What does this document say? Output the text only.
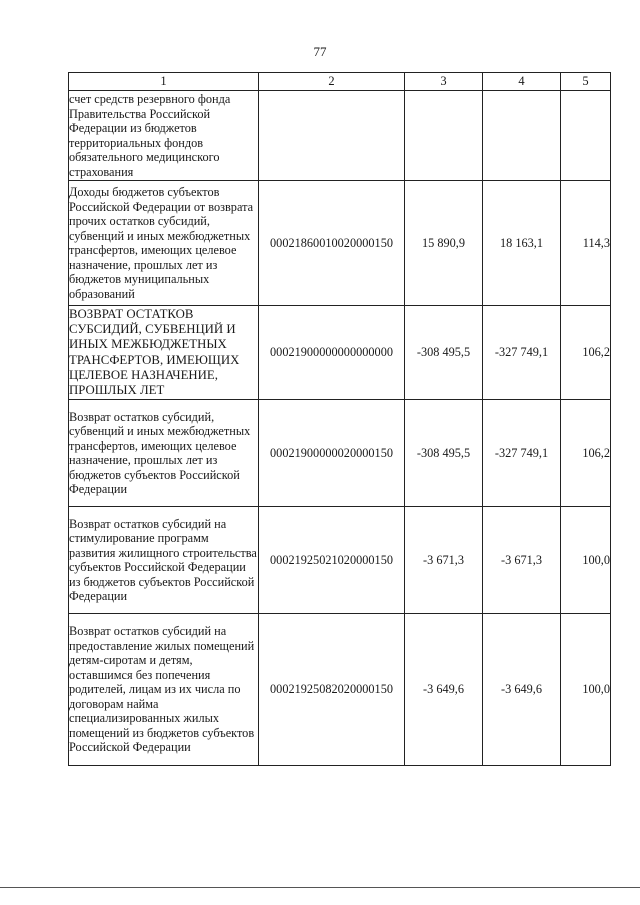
77
1	2	3	4	5
счет средств резервного фонда Правительства Российской Федерации из бюджетов территориальных фондов обязательного медицинского страхования				
Доходы бюджетов субъектов Российской Федерации от возврата прочих остатков субсидий, субвенций и иных межбюджетных трансфертов, имеющих целевое назначение, прошлых лет из бюджетов муниципальных образований	00021860010020000150	15 890,9	18 163,1	114,3
ВОЗВРАТ ОСТАТКОВ СУБСИДИЙ, СУБВЕНЦИЙ И ИНЫХ МЕЖБЮДЖЕТНЫХ ТРАНСФЕРТОВ, ИМЕЮЩИХ ЦЕЛЕВОЕ НАЗНАЧЕНИЕ, ПРОШЛЫХ ЛЕТ	00021900000000000000	-308 495,5	-327 749,1	106,2
Возврат остатков субсидий, субвенций и иных межбюджетных трансфертов, имеющих целевое назначение, прошлых лет из бюджетов субъектов Российской Федерации	00021900000020000150	-308 495,5	-327 749,1	106,2
Возврат остатков субсидий на стимулирование программ развития жилищного строительства субъектов Российской Федерации из бюджетов субъектов Российской Федерации	00021925021020000150	-3 671,3	-3 671,3	100,0
Возврат остатков субсидий на предоставление жилых помещений детям-сиротам и детям, оставшимся без попечения родителей, лицам из их числа по договорам найма специализированных жилых помещений из бюджетов субъектов Российской Федерации	00021925082020000150	-3 649,6	-3 649,6	100,0
